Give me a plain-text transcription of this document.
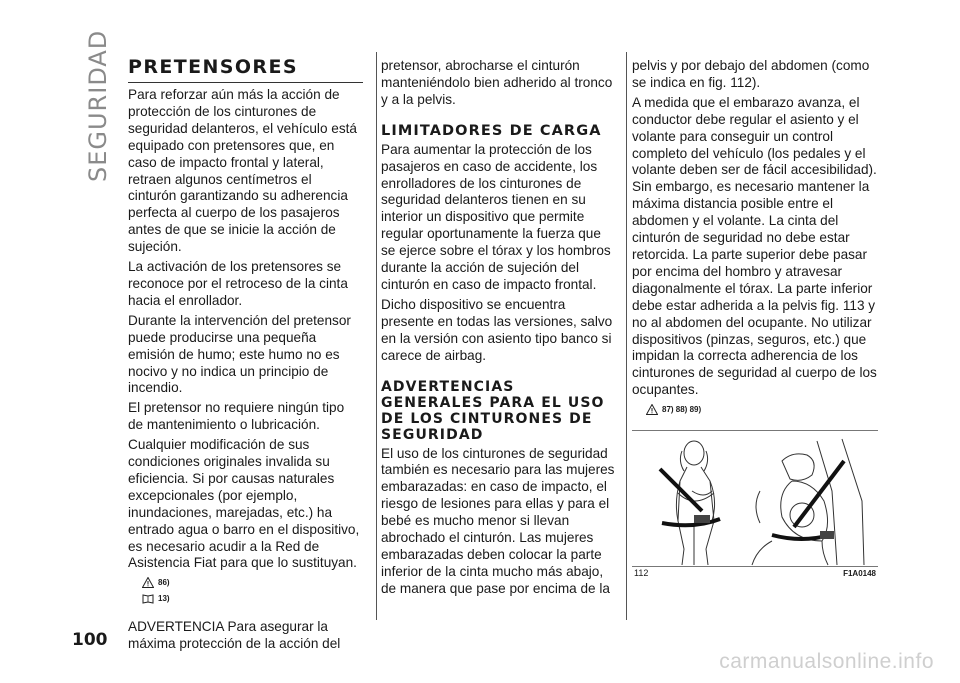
SEGURIDAD PRETENSORES

Para reforzar aún más la acción de protección de los cinturones de seguridad delanteros, el vehículo está equipado con pretensores que, en caso de impacto frontal y lateral, retraen algunos centímetros el cinturón garantizando su adherencia perfecta al cuerpo de los pasajeros antes de que se inicie la acción de sujeción.

La activación de los pretensores se reconoce por el retroceso de la cinta hacia el enrollador.

Durante la intervención del pretensor puede producirse una pequeña emisión de humo; este humo no es nocivo y no indica un principio de incendio.

El pretensor no requiere ningún tipo de mantenimiento o lubricación.

Cualquier modificación de sus condiciones originales invalida su eficiencia. Si por causas naturales excepcionales (por ejemplo, inundaciones, marejadas, etc.) ha entrado agua o barro en el dispositivo, es necesario acudir a la Red de Asistencia Fiat para que lo sustituyan.

86)
13)

ADVERTENCIA Para asegurar la máxima protección de la acción del

pretensor, abrocharse el cinturón manteniéndolo bien adherido al tronco y a la pelvis.

LIMITADORES DE CARGA

Para aumentar la protección de los pasajeros en caso de accidente, los enrolladores de los cinturones de seguridad delanteros tienen en su interior un dispositivo que permite regular oportunamente la fuerza que se ejerce sobre el tórax y los hombros durante la acción de sujeción del cinturón en caso de impacto frontal.

Dicho dispositivo se encuentra presente en todas las versiones, salvo en la versión con asiento tipo banco si carece de airbag.

ADVERTENCIAS GENERALES PARA EL USO DE LOS CINTURONES DE SEGURIDAD

El uso de los cinturones de seguridad también es necesario para las mujeres embarazadas: en caso de impacto, el riesgo de lesiones para ellas y para el bebé es mucho menor si llevan abrochado el cinturón. Las mujeres embarazadas deben colocar la parte inferior de la cinta mucho más abajo, de manera que pase por encima de la

pelvis y por debajo del abdomen (como se indica en fig. 112).

A medida que el embarazo avanza, el conductor debe regular el asiento y el volante para conseguir un control completo del vehículo (los pedales y el volante deben ser de fácil accesibilidad). Sin embargo, es necesario mantener la máxima distancia posible entre el abdomen y el volante. La cinta del cinturón de seguridad no debe estar retorcida. La parte superior debe pasar por encima del hombro y atravesar diagonalmente el tórax. La parte inferior debe estar adherida a la pelvis fig. 113 y no al abdomen del ocupante. No utilizar dispositivos (pinzas, seguros, etc.) que impidan la correcta adherencia de los cinturones de seguridad al cuerpo de los ocupantes.

87) 88) 89)
112	F1A0148
100
carmanualsonline.info
